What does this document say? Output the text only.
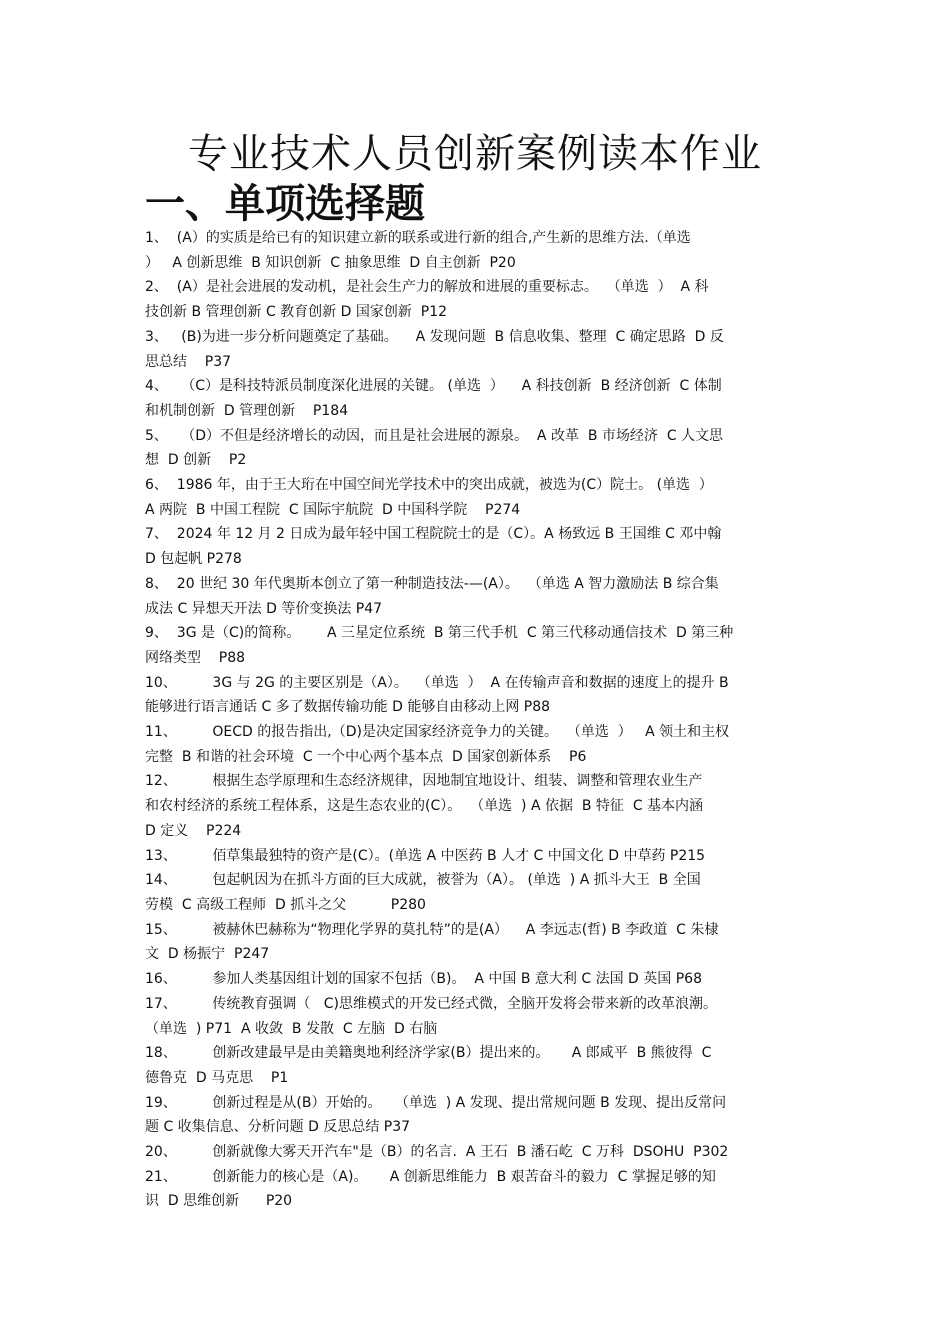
专业技术人员创新案例读本作业
一、单项选择题
1、  (A）的实质是给已有的知识建立新的联系或进行新的组合,产生新的思维方法.（单选
）   A 创新思维  B 知识创新  C 抽象思维  D 自主创新  P20
2、  (A）是社会进展的发动机，是社会生产力的解放和进展的重要标志。  （单选  ）  A 科
技创新 B 管理创新 C 教育创新 D 国家创新  P12
3、   (B)为进一步分析问题奠定了基础。    A 发现问题  B 信息收集、整理  C 确定思路  D 反
思总结    P37
4、   （C）是科技特派员制度深化进展的关键。 (单选  ）    A 科技创新  B 经济创新  C 体制
和机制创新  D 管理创新    P184
5、   （D）不但是经济增长的动因，而且是社会进展的源泉。  A 改革  B 市场经济  C 人文思
想  D 创新    P2
6、  1986 年，由于王大珩在中国空间光学技术中的突出成就，被选为(C）院士。 (单选  ）
A 两院  B 中国工程院  C 国际宇航院  D 中国科学院    P274
7、  2024 年 12 月 2 日成为最年轻中国工程院院士的是（C）。A 杨致远 B 王国维 C 邓中翰
D 包起帆 P278
8、  20 世纪 30 年代奥斯本创立了第一种制造技法-—(A）。  （单选 A 智力激励法 B 综合集
成法 C 异想天开法 D 等价变换法 P47
9、  3G 是（C)的简称。      A 三星定位系统  B 第三代手机  C 第三代移动通信技术  D 第三种
网络类型    P88
10、        3G 与 2G 的主要区别是（A）。  （单选  ）  A 在传输声音和数据的速度上的提升 B
能够进行语言通话 C 多了数据传输功能 D 能够自由移动上网 P88
11、        OECD 的报告指出,（D)是决定国家经济竞争力的关键。  （单选  ）   A 领土和主权
完整  B 和谐的社会环境  C 一个中心两个基本点  D 国家创新体系    P6
12、        根据生态学原理和生态经济规律，因地制宜地设计、组装、调整和管理农业生产
和农村经济的系统工程体系，这是生态农业的(C）。  （单选  ) A 依据  B 特征  C 基本内涵
D 定义    P224
13、        佰草集最独特的资产是(C）。(单选 A 中医药 B 人才 C 中国文化 D 中草药 P215
14、        包起帆因为在抓斗方面的巨大成就，被誉为（A）。 (单选  ) A 抓斗大王  B 全国
劳模  C 高级工程师  D 抓斗之父          P280
15、        被赫休巴赫称为“物理化学界的莫扎特”的是(A）    A 李远志(哲) B 李政道  C 朱棣
文  D 杨振宁  P247
16、        参加人类基因组计划的国家不包括（B)。  A 中国 B 意大利 C 法国 D 英国 P68
17、        传统教育强调（   C)思维模式的开发已经式微，全脑开发将会带来新的改革浪潮。
（单选  ) P71  A 收敛  B 发散  C 左脑  D 右脑
18、        创新改建最早是由美籍奥地利经济学家(B）提出来的。     A 郎咸平  B 熊彼得  C
德鲁克  D 马克思    P1
19、        创新过程是从(B）开始的。   （单选  ) A 发现、提出常规问题 B 发现、提出反常问
题 C 收集信息、分析问题 D 反思总结 P37
20、        创新就像大雾天开汽车"是（B）的名言.  A 王石  B 潘石屹  C 万科  DSOHU  P302
21、        创新能力的核心是（A)。     A 创新思维能力  B 艰苦奋斗的毅力  C 掌握足够的知
识  D 思维创新      P20
